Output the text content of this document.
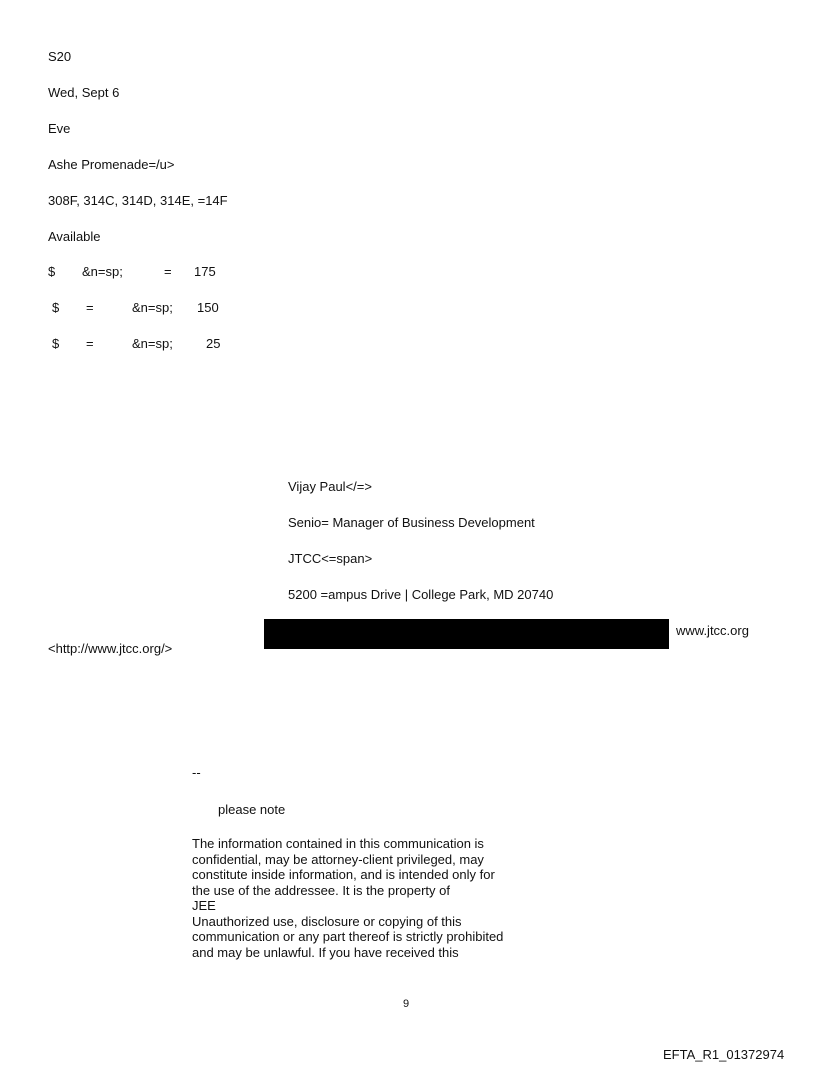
S20
Wed, Sept 6
Eve
Ashe Promenade=/u>
308F, 314C, 314D, 314E, =14F
Available
$ &n=sp;	= 175
$ =	&n=sp; 150
$ =	&n=sp;	25
Vijay Paul</=>
Senio= Manager of Business Development
JTCC<=span>
5200 =ampus Drive | College Park, MD 20740
www.jtcc.org
<http://www.jtcc.org/>
--
please note
The information contained in this communication is
confidential, may be attorney-client privileged, may
constitute inside information, and is intended only for
the use of the addressee. It is the property of
JEE
Unauthorized use, disclosure or copying of this
communication or any part thereof is strictly prohibited
and may be unlawful. If you have received this
9
EFTA_R1_01372974
